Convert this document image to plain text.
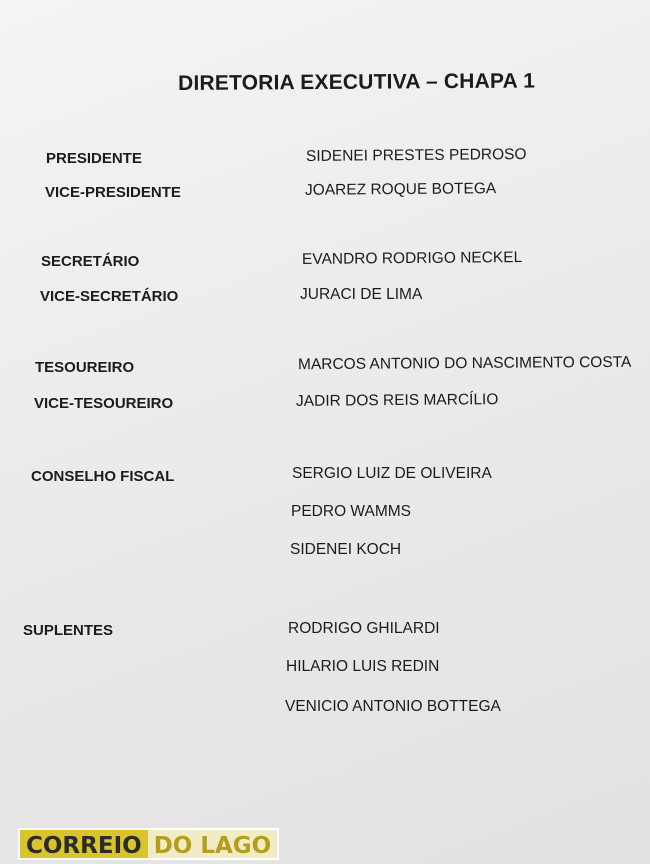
DIRETORIA EXECUTIVA – CHAPA 1
PRESIDENTE	SIDENEI PRESTES PEDROSO
VICE-PRESIDENTE	JOAREZ ROQUE BOTEGA
SECRETÁRIO	EVANDRO RODRIGO NECKEL
VICE-SECRETÁRIO	JURACI DE LIMA
TESOUREIRO	MARCOS ANTONIO DO NASCIMENTO COSTA
VICE-TESOUREIRO	JADIR DOS REIS MARCÍLIO
CONSELHO FISCAL	SERGIO LUIZ DE OLIVEIRA
PEDRO WAMMS
SIDENEI KOCH
SUPLENTES	RODRIGO GHILARDI
HILARIO LUIS REDIN
VENICIO ANTONIO BOTTEGA
CORREIO DO LAGO
